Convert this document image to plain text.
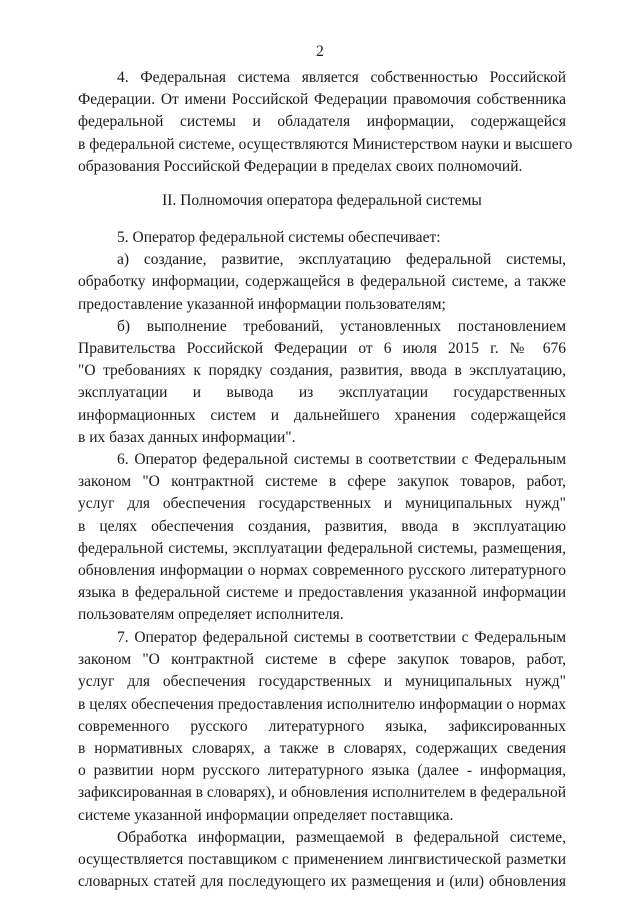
2
4. Федеральная система является собственностью Российской
Федерации. От имени Российской Федерации правомочия собственника
федеральной системы и обладателя информации, содержащейся
в федеральной системе, осуществляются Министерством науки и высшего
образования Российской Федерации в пределах своих полномочий.
II. Полномочия оператора федеральной системы
5. Оператор федеральной системы обеспечивает:
а) создание, развитие, эксплуатацию федеральной системы,
обработку информации, содержащейся в федеральной системе, а также
предоставление указанной информации пользователям;
б) выполнение требований, установленных постановлением
Правительства Российской Федерации от 6 июля 2015 г. № 676
"О требованиях к порядку создания, развития, ввода в эксплуатацию,
эксплуатации и вывода из эксплуатации государственных
информационных систем и дальнейшего хранения содержащейся
в их базах данных информации".
6. Оператор федеральной системы в соответствии с Федеральным
законом "О контрактной системе в сфере закупок товаров, работ,
услуг для обеспечения государственных и муниципальных нужд"
в целях обеспечения создания, развития, ввода в эксплуатацию
федеральной системы, эксплуатации федеральной системы, размещения,
обновления информации о нормах современного русского литературного
языка в федеральной системе и предоставления указанной информации
пользователям определяет исполнителя.
7. Оператор федеральной системы в соответствии с Федеральным
законом "О контрактной системе в сфере закупок товаров, работ,
услуг для обеспечения государственных и муниципальных нужд"
в целях обеспечения предоставления исполнителю информации о нормах
современного русского литературного языка, зафиксированных
в нормативных словарях, а также в словарях, содержащих сведения
о развитии норм русского литературного языка (далее - информация,
зафиксированная в словарях), и обновления исполнителем в федеральной
системе указанной информации определяет поставщика.
Обработка информации, размещаемой в федеральной системе,
осуществляется поставщиком с применением лингвистической разметки
словарных статей для последующего их размещения и (или) обновления
